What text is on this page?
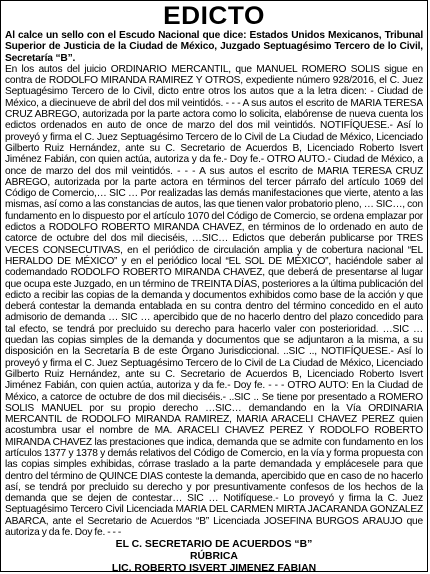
EDICTO

Al calce un sello con el Escudo Nacional que dice: Estados Unidos Mexicanos, Tribunal Superior de Justicia de la Ciudad de México, Juzgado Septuagésimo Tercero de lo Civil, Secretaría “B”.

En los autos del juicio ORDINARIO MERCANTIL, que MANUEL ROMERO SOLIS sigue en contra de RODOLFO MIRANDA RAMIREZ Y OTROS, expediente número 928/2016, el C. Juez Septuagésimo Tercero de lo Civil, dicto entre otros los autos que a la letra dicen: - Ciudad de México, a diecinueve de abril del dos mil veintidós. - - - A sus autos el escrito de MARIA TERESA CRUZ ABREGO, autorizada por la parte actora como lo solicita, elabórense de nueva cuenta los edictos ordenados en auto de once de marzo del dos mil veintidós. NOTIFÍQUESE.- Así lo proveyó y firma el C. Juez Septuagésimo Tercero de lo Civil de La Ciudad de México, Licenciado Gilberto Ruiz Hernández, ante su C. Secretario de Acuerdos B, Licenciado Roberto Isvert Jiménez Fabián, con quien actúa, autoriza y da fe.- Doy fe.- OTRO AUTO.- Ciudad de México, a once de marzo del dos mil veintidós. - - - A sus autos el escrito de MARIA TERESA CRUZ ABREGO, autorizada por la parte actora en términos del tercer párrafo del artículo 1069 del Código de Comercio,… SIC … Por realizadas las demás manifestaciones que vierte, atento a las mismas, así como a las constancias de autos, las que tienen valor probatorio pleno, … SIC…, con fundamento en lo dispuesto por el artículo 1070 del Código de Comercio, se ordena emplazar por edictos a RODOLFO ROBERTO MIRANDA CHAVEZ, en términos de lo ordenado en auto de catorce de octubre del dos mil dieciséis, …SIC… Edictos que deberán publicarse por TRES VECES CONSECUTIVAS, en el periódico de circulación amplia y de cobertura nacional “EL HERALDO DE MÉXICO” y en el periódico local “EL SOL DE MÉXICO”, haciéndole saber al codemandado RODOLFO ROBERTO MIRANDA CHAVEZ, que deberá de presentarse al lugar que ocupa este Juzgado, en un término de TREINTA DÍAS, posteriores a la última publicación del edicto a recibir las copias de la demanda y documentos exhibidos como base de la acción y que deberá contestar la demanda entablada en su contra dentro del término concedido en el auto admisorio de demanda … SIC … apercibido que de no hacerlo dentro del plazo concedido para tal efecto, se tendrá por precluido su derecho para hacerlo valer con posterioridad. …SIC … quedan las copias simples de la demanda y documentos que se adjuntaron a la misma, a su disposición en la Secretaría B de este Órgano Jurisdiccional. ..SIC .., NOTIFÍQUESE.- Así lo proveyó y firma el C. Juez Septuagésimo Tercero de lo Civil de La Ciudad de México, Licenciado Gilberto Ruiz Hernández, ante su C. Secretario de Acuerdos B, Licenciado Roberto Isvert Jiménez Fabián, con quien actúa, autoriza y da fe.- Doy fe. - - - OTRO AUTO: En la Ciudad de México, a catorce de octubre de dos mil dieciséis.- ..SIC .. Se tiene por presentado a ROMERO SOLIS MANUEL por su propio derecho …SIC… demandando en la Vía ORDINARIA MERCANTIL de RODOLFO MIRANDA RAMIREZ, MARIA ARACELI CHAVEZ PEREZ quien acostumbra usar el nombre de MA. ARACELI CHAVEZ PEREZ Y RODOLFO ROBERTO MIRANDA CHAVEZ las prestaciones que indica, demanda que se admite con fundamento en los artículos 1377 y 1378 y demás relativos del Código de Comercio, en la vía y forma propuesta con las copias simples exhibidas, córrase traslado a la parte demandada y emplácesele para que dentro del término de QUINCE DIAS conteste la demanda, apercibido que en caso de no hacerlo así, se tendrá por precluido su derecho y por presuntivamente confesos de los hechos de la demanda que se dejen de contestar… SIC … Notifíquese.- Lo proveyó y firma la C. Juez Septuagésimo Tercero Civil Licenciada MARIA DEL CARMEN MIRTA JACARANDA GONZALEZ ABARCA, ante el Secretario de Acuerdos “B” Licenciada JOSEFINA BURGOS ARAUJO que autoriza y da fe. Doy fe. - - -

EL C. SECRETARIO DE ACUERDOS “B”
RÚBRICA
LIC. ROBERTO ISVERT JIMENEZ FABIAN
